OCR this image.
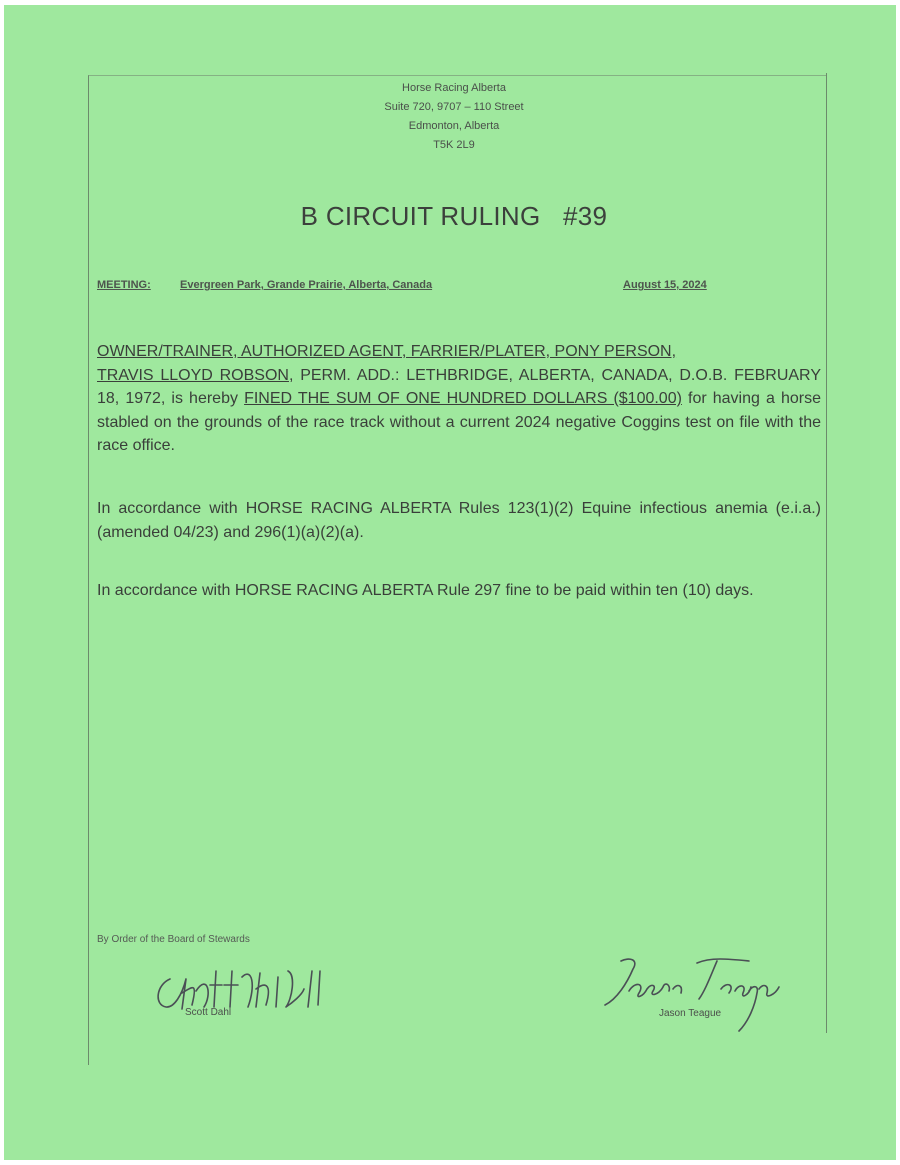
Horse Racing Alberta
Suite 720, 9707 – 110 Street
Edmonton, Alberta
T5K 2L9
B CIRCUIT RULING   #39
MEETING:	Evergreen Park, Grande Prairie, Alberta, Canada	August 15, 2024
OWNER/TRAINER, AUTHORIZED AGENT, FARRIER/PLATER, PONY PERSON,
TRAVIS LLOYD ROBSON, PERM. ADD.: LETHBRIDGE, ALBERTA, CANADA, D.O.B. FEBRUARY 18, 1972, is hereby FINED THE SUM OF ONE HUNDRED DOLLARS ($100.00) for having a horse stabled on the grounds of the race track without a current 2024 negative Coggins test on file with the race office.
In accordance with HORSE RACING ALBERTA Rules 123(1)(2) Equine infectious anemia (e.i.a.) (amended 04/23) and 296(1)(a)(2)(a).
In accordance with HORSE RACING ALBERTA Rule 297 fine to be paid within ten (10) days.
By Order of the Board of Stewards
Scott Dahl	Jason Teague
